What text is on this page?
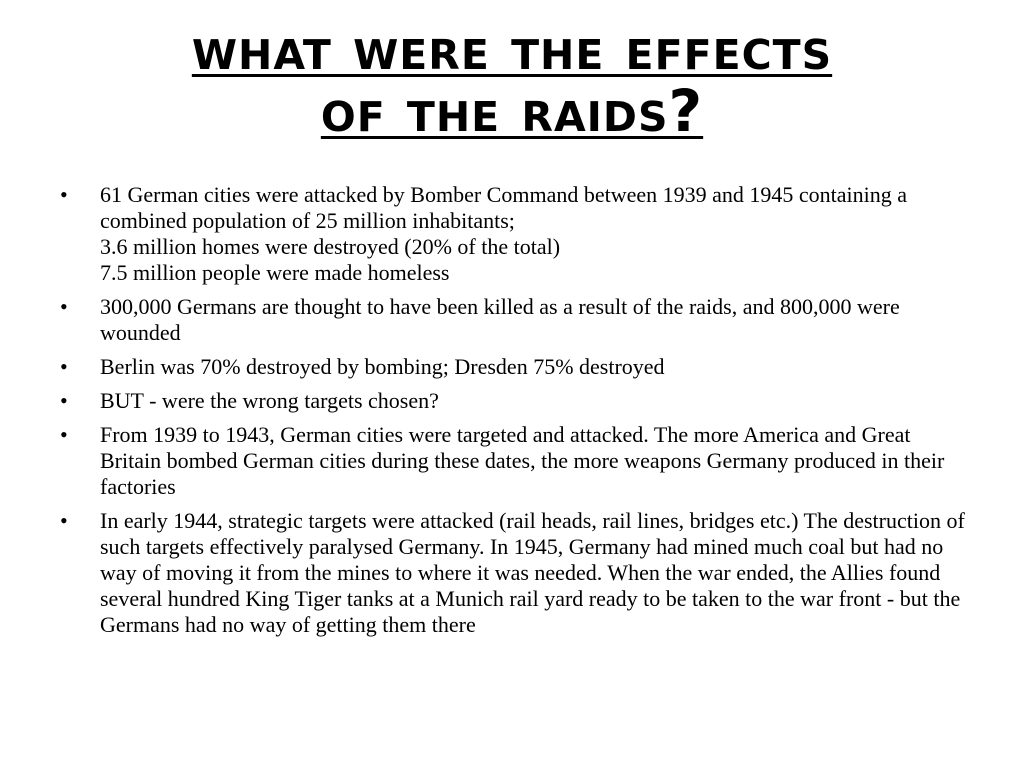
what were the effects
of the raids?
• 61 German cities were attacked by Bomber Command between 1939 and 1945 containing a combined population of 25 million inhabitants;
3.6 million homes were destroyed (20% of the total)
7.5 million people were made homeless
• 300,000 Germans are thought to have been killed as a result of the raids, and 800,000 were wounded
• Berlin was 70% destroyed by bombing; Dresden 75% destroyed
• BUT - were the wrong targets chosen?
• From 1939 to 1943, German cities were targeted and attacked. The more America and Great Britain bombed German cities during these dates, the more weapons Germany produced in their factories
• In early 1944, strategic targets were attacked (rail heads, rail lines, bridges etc.) The destruction of such targets effectively paralysed Germany. In 1945, Germany had mined much coal but had no way of moving it from the mines to where it was needed. When the war ended, the Allies found several hundred King Tiger tanks at a Munich rail yard ready to be taken to the war front - but the Germans had no way of getting them there
